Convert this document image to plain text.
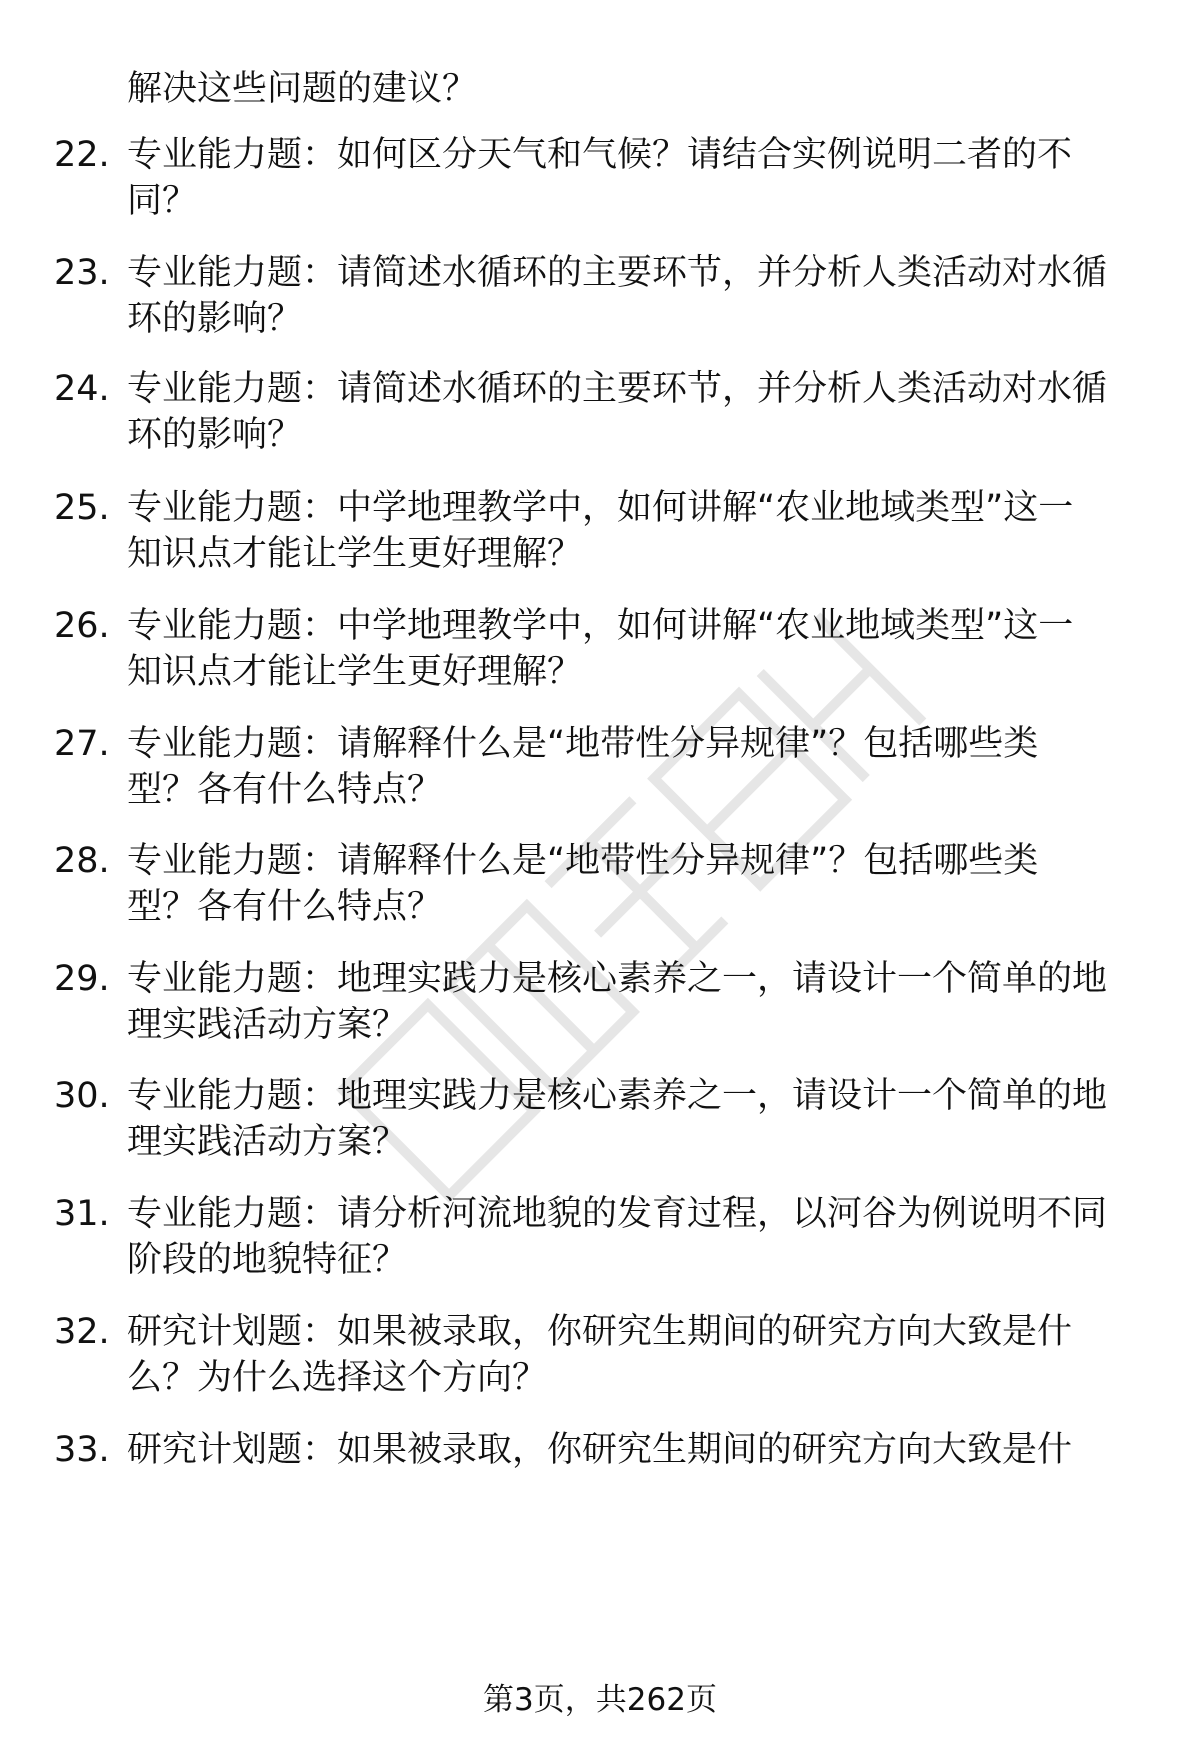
解决这些问题的建议？
22. 专业能力题：如何区分天气和气候？请结合实例说明二者的不
同？
23. 专业能力题：请简述水循环的主要环节，并分析人类活动对水循
环的影响？
24. 专业能力题：请简述水循环的主要环节，并分析人类活动对水循
环的影响？
25. 专业能力题：中学地理教学中，如何讲解“农业地域类型”这一
知识点才能让学生更好理解？
26. 专业能力题：中学地理教学中，如何讲解“农业地域类型”这一
知识点才能让学生更好理解？
27. 专业能力题：请解释什么是“地带性分异规律”？包括哪些类
型？各有什么特点？
28. 专业能力题：请解释什么是“地带性分异规律”？包括哪些类
型？各有什么特点？
29. 专业能力题：地理实践力是核心素养之一，请设计一个简单的地
理实践活动方案？
30. 专业能力题：地理实践力是核心素养之一，请设计一个简单的地
理实践活动方案？
31. 专业能力题：请分析河流地貌的发育过程，以河谷为例说明不同
阶段的地貌特征？
32. 研究计划题：如果被录取，你研究生期间的研究方向大致是什
么？为什么选择这个方向？
33. 研究计划题：如果被录取，你研究生期间的研究方向大致是什
第3页，共262页
